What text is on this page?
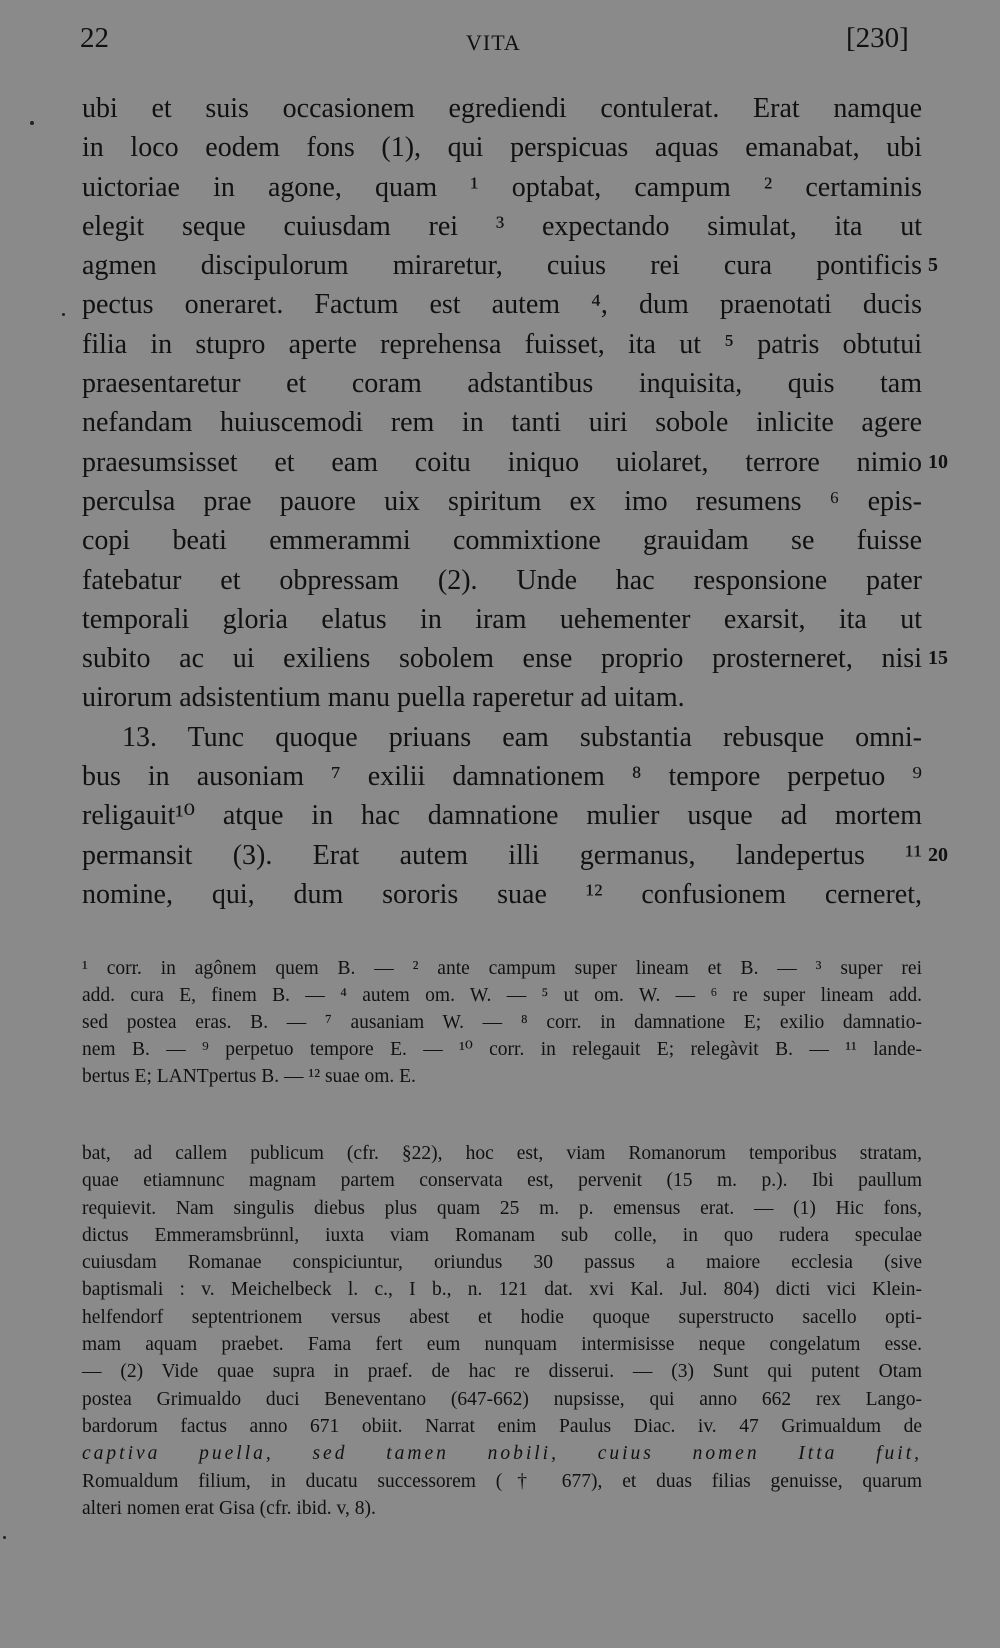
22	VITA	[230]
ubi et suis occasionem egrediendi contulerat. Erat namque
in loco eodem fons (1), qui perspicuas aquas emanabat, ubi
uictoriae in agone, quam ¹ optabat, campum ² certaminis
elegit seque cuiusdam rei ³ expectando simulat, ita ut
agmen discipulorum miraretur, cuius rei cura pontificis
pectus oneraret. Factum est autem ⁴, dum praenotati ducis
filia in stupro aperte reprehensa fuisset, ita ut ⁵ patris obtutui
praesentaretur et coram adstantibus inquisita, quis tam
nefandam huiuscemodi rem in tanti uiri sobole inlicite agere
praesumsisset et eam coitu iniquo uiolaret, terrore nimio
perculsa prae pauore uix spiritum ex imo resumens ⁶ epis-
copi beati emmerammi commixtione grauidam se fuisse
fatebatur et obpressam (2). Unde hac responsione pater
temporali gloria elatus in iram uehementer exarsit, ita ut
subito ac ui exiliens sobolem ense proprio prosterneret, nisi
uirorum adsistentium manu puella raperetur ad uitam.
13. Tunc quoque priuans eam substantia rebusque omni-
bus in ausoniam ⁷ exilii damnationem ⁸ tempore perpetuo ⁹
religauit¹⁰ atque in hac damnatione mulier usque ad mortem
permansit (3). Erat autem illi germanus, landepertus ¹¹
nomine, qui, dum sororis suae ¹² confusionem cerneret,
5
10
15
20
¹ corr. in agônem quem B. — ² ante campum super lineam et B. — ³ super rei
add. cura E, finem B. — ⁴ autem om. W. — ⁵ ut om. W. — ⁶ re super lineam add.
sed postea eras. B. — ⁷ ausaniam W. — ⁸ corr. in damnatione E; exilio damnatio-
nem B. — ⁹ perpetuo tempore E. — ¹⁰ corr. in relegauit E; relegàvit B. — ¹¹ lande-
bertus E; LANTpertus B. — ¹² suae om. E.
bat, ad callem publicum (cfr. §22), hoc est, viam Romanorum temporibus stratam,
quae etiamnunc magnam partem conservata est, pervenit (15 m. p.). Ibi paullum
requievit. Nam singulis diebus plus quam 25 m. p. emensus erat. — (1) Hic fons,
dictus Emmeramsbrünnl, iuxta viam Romanam sub colle, in quo rudera speculae
cuiusdam Romanae conspiciuntur, oriundus 30 passus a maiore ecclesia (sive
baptismali : v. Meichelbeck l. c., I b., n. 121 dat. xvi Kal. Jul. 804) dicti vici Klein-
helfendorf septentrionem versus abest et hodie quoque superstructo sacello opti-
mam aquam praebet. Fama fert eum nunquam intermisisse neque congelatum esse.
— (2) Vide quae supra in praef. de hac re disserui. — (3) Sunt qui putent Otam
postea Grimualdo duci Beneventano (647-662) nupsisse, qui anno 662 rex Lango-
bardorum factus anno 671 obiit. Narrat enim Paulus Diac. iv. 47 Grimualdum de
captiva puella, sed tamen nobili, cuius nomen Itta fuit,
Romualdum filium, in ducatu successorem († 677), et duas filias genuisse, quarum
alteri nomen erat Gisa (cfr. ibid. v, 8).
